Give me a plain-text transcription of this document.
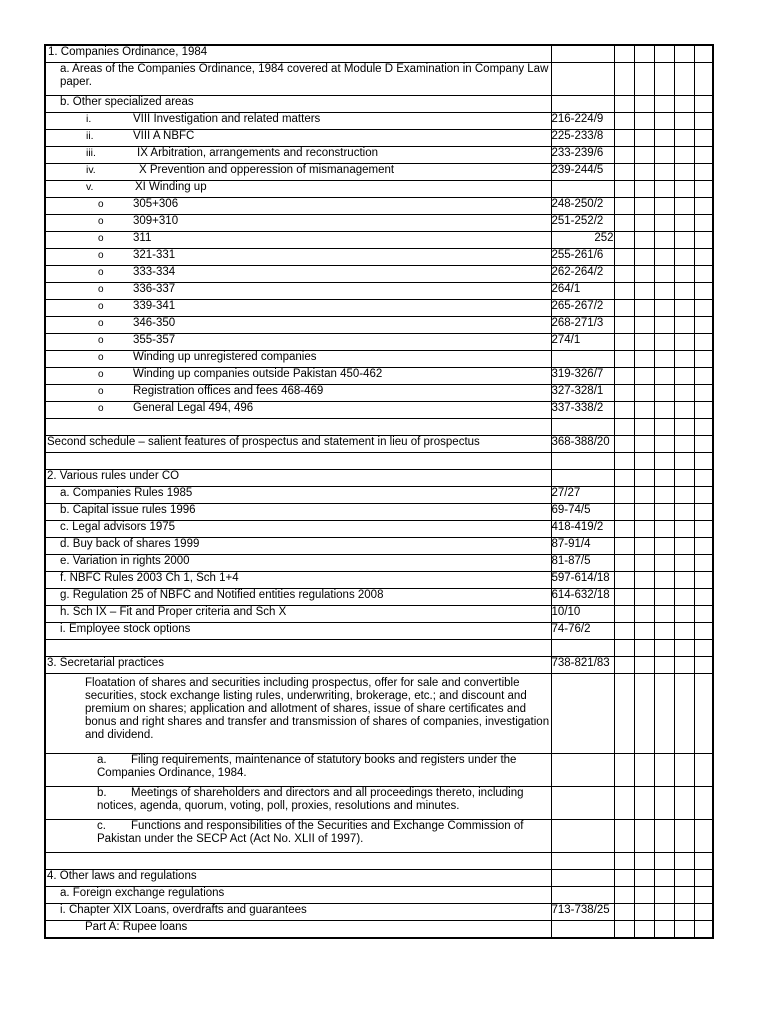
1. Companies Ordinance, 1984						
a. Areas of the Companies Ordinance, 1984 covered at Module D Examination in Company Law paper.						
b. Other specialized areas						

i. VIII Investigation and related matters	216-224/9					

ii. VIII A NBFC	225-233/8					

iii. IX Arbitration, arrangements and reconstruction	233-239/6					

iv. X Prevention and opperession of mismanagement	239-244/5					

v. XI Winding up						

o 305+306	248-250/2					

o 309+310	251-252/2					

o 311	252					

o 321-331	255-261/6					

o 333-334	262-264/2					

o 336-337	264/1					

o 339-341	265-267/2					

o 346-350	268-271/3					

o 355-357	274/1					

o Winding up unregistered companies						

o Winding up companies outside Pakistan 450-462	319-326/7					

o Registration offices and fees 468-469	327-328/1					

o General Legal 494, 496	337-338/2					

Second schedule – salient features of prospectus and statement in lieu of prospectus	368-388/20					

2. Various rules under CO						
a. Companies Rules 1985	27/27					
b. Capital issue rules 1996	69-74/5					
c. Legal advisors 1975	418-419/2					
d. Buy back of shares 1999	87-91/4					
e. Variation in rights 2000	81-87/5					
f. NBFC Rules 2003 Ch 1, Sch 1+4	597-614/18					
g. Regulation 25 of NBFC and Notified entities regulations 2008	614-632/18					
h. Sch IX – Fit and Proper criteria and Sch X	10/10					
i. Employee stock options	74-76/2					

3. Secretarial practices	738-821/83					
Floatation of shares and securities including prospectus, offer for sale and convertible securities, stock exchange listing rules, underwriting, brokerage, etc.; and discount and premium on shares; application and allotment of shares, issue of share certificates and bonus and right shares and transfer and transmission of shares of companies, investigation and dividend.						

a. Filing requirements, maintenance of statutory books and registers under the Companies Ordinance, 1984.						

b. Meetings of shareholders and directors and all proceedings thereto, including notices, agenda, quorum, voting, poll, proxies, resolutions and minutes.						

c. Functions and responsibilities of the Securities and Exchange Commission of Pakistan under the SECP Act (Act No. XLII of 1997).						

4. Other laws and regulations						
a. Foreign exchange regulations						
i. Chapter XIX Loans, overdrafts and guarantees	713-738/25					
Part A: Rupee loans						
